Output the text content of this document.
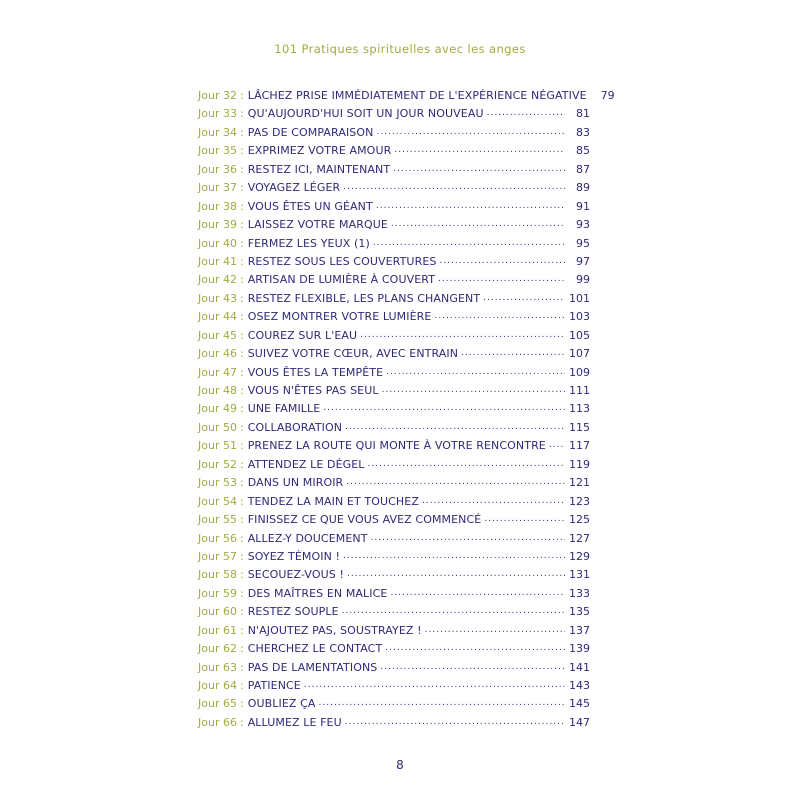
101 Pratiques spirituelles avec les anges
Jour 32 : LÂCHEZ PRISE IMMÉDIATEMENT DE L'EXPÉRIENCE NÉGATIVE	79
Jour 33 : QU'AUJOURD'HUI SOIT UN JOUR NOUVEAU .....	81
Jour 34 : PAS DE COMPARAISON .....	83
Jour 35 : EXPRIMEZ VOTRE AMOUR .....	85
Jour 36 : RESTEZ ICI, MAINTENANT .....	87
Jour 37 : VOYAGEZ LÉGER .....	89
Jour 38 : VOUS ÊTES UN GÉANT .....	91
Jour 39 : LAISSEZ VOTRE MARQUE .....	93
Jour 40 : FERMEZ LES YEUX (1) .....	95
Jour 41 : RESTEZ SOUS LES COUVERTURES .....	97
Jour 42 : ARTISAN DE LUMIÈRE À COUVERT .....	99
Jour 43 : RESTEZ FLEXIBLE, LES PLANS CHANGENT .....	101
Jour 44 : OSEZ MONTRER VOTRE LUMIÈRE .....	103
Jour 45 : COUREZ SUR L'EAU .....	105
Jour 46 : SUIVEZ VOTRE CŒUR, AVEC ENTRAIN .....	107
Jour 47 : VOUS ÊTES LA TEMPÊTE .....	109
Jour 48 : VOUS N'ÊTES PAS SEUL .....	111
Jour 49 : UNE FAMILLE .....	113
Jour 50 : COLLABORATION .....	115
Jour 51 : PRENEZ LA ROUTE QUI MONTE À VOTRE RENCONTRE ..... 117
Jour 52 : ATTENDEZ LE DÉGEL .....	119
Jour 53 : DANS UN MIROIR .....	121
Jour 54 : TENDEZ LA MAIN ET TOUCHEZ .....	123
Jour 55 : FINISSEZ CE QUE VOUS AVEZ COMMENCÉ .....	125
Jour 56 : ALLEZ-Y DOUCEMENT .....	127
Jour 57 : SOYEZ TÉMOIN ! .....	129
Jour 58 : SECOUEZ-VOUS ! .....	131
Jour 59 : DES MAÎTRES EN MALICE .....	133
Jour 60 : RESTEZ SOUPLE .....	135
Jour 61 : N'AJOUTEZ PAS, SOUSTRAYEZ ! .....	137
Jour 62 : CHERCHEZ LE CONTACT .....	139
Jour 63 : PAS DE LAMENTATIONS .....	141
Jour 64 : PATIENCE .....	143
Jour 65 : OUBLIEZ ÇA .....	145
Jour 66 : ALLUMEZ LE FEU .....	147
8
